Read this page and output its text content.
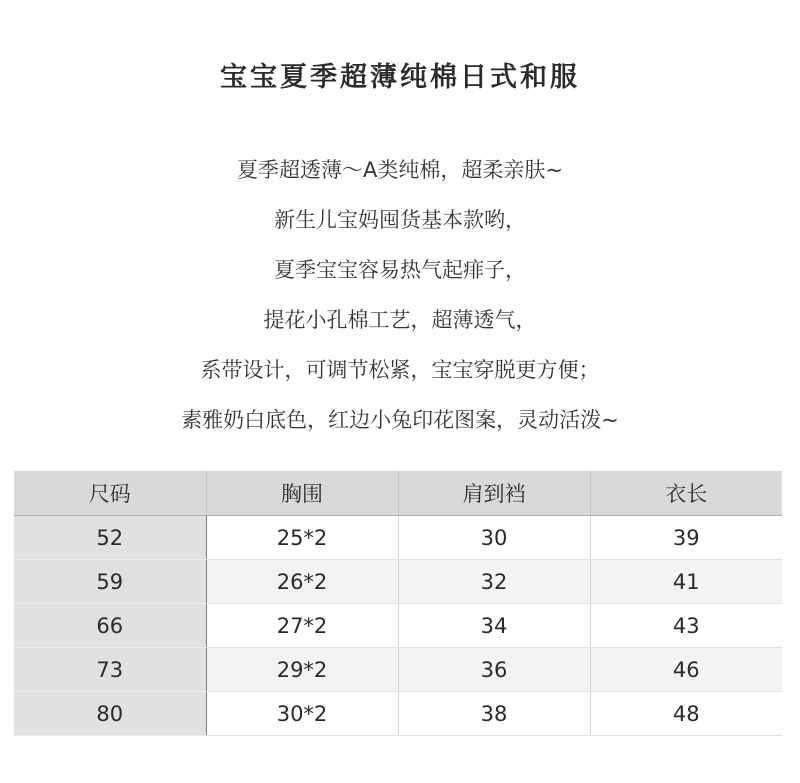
宝宝夏季超薄纯棉日式和服
夏季超透薄～A类纯棉，超柔亲肤~
新生儿宝妈囤货基本款哟，
夏季宝宝容易热气起痱子，
提花小孔棉工艺，超薄透气，
系带设计，可调节松紧，宝宝穿脱更方便；
素雅奶白底色，红边小兔印花图案，灵动活泼~
尺码	胸围	肩到裆	衣长
52	25*2	30	39
59	26*2	32	41
66	27*2	34	43
73	29*2	36	46
80	30*2	38	48
